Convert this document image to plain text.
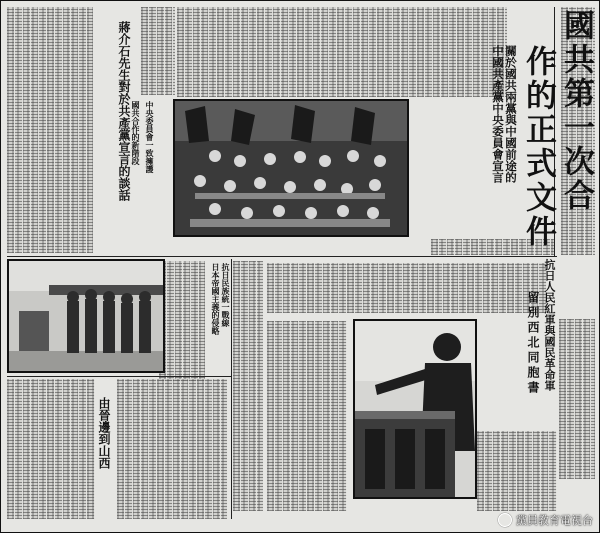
國共第一次合
作的正式文件
關於國共兩黨與中國前途的
中國共產黨中央委員會宣言
蔣介石先生對於共產黨宣言的談話 中央委員會一致擁護
國共合作的新階段
日本帝國主義的侵略 抗日民族統一戰線
由晉邊到山西
抗日人民紅軍與國民革命軍
留別西北同胞書
黨員教育電視台
